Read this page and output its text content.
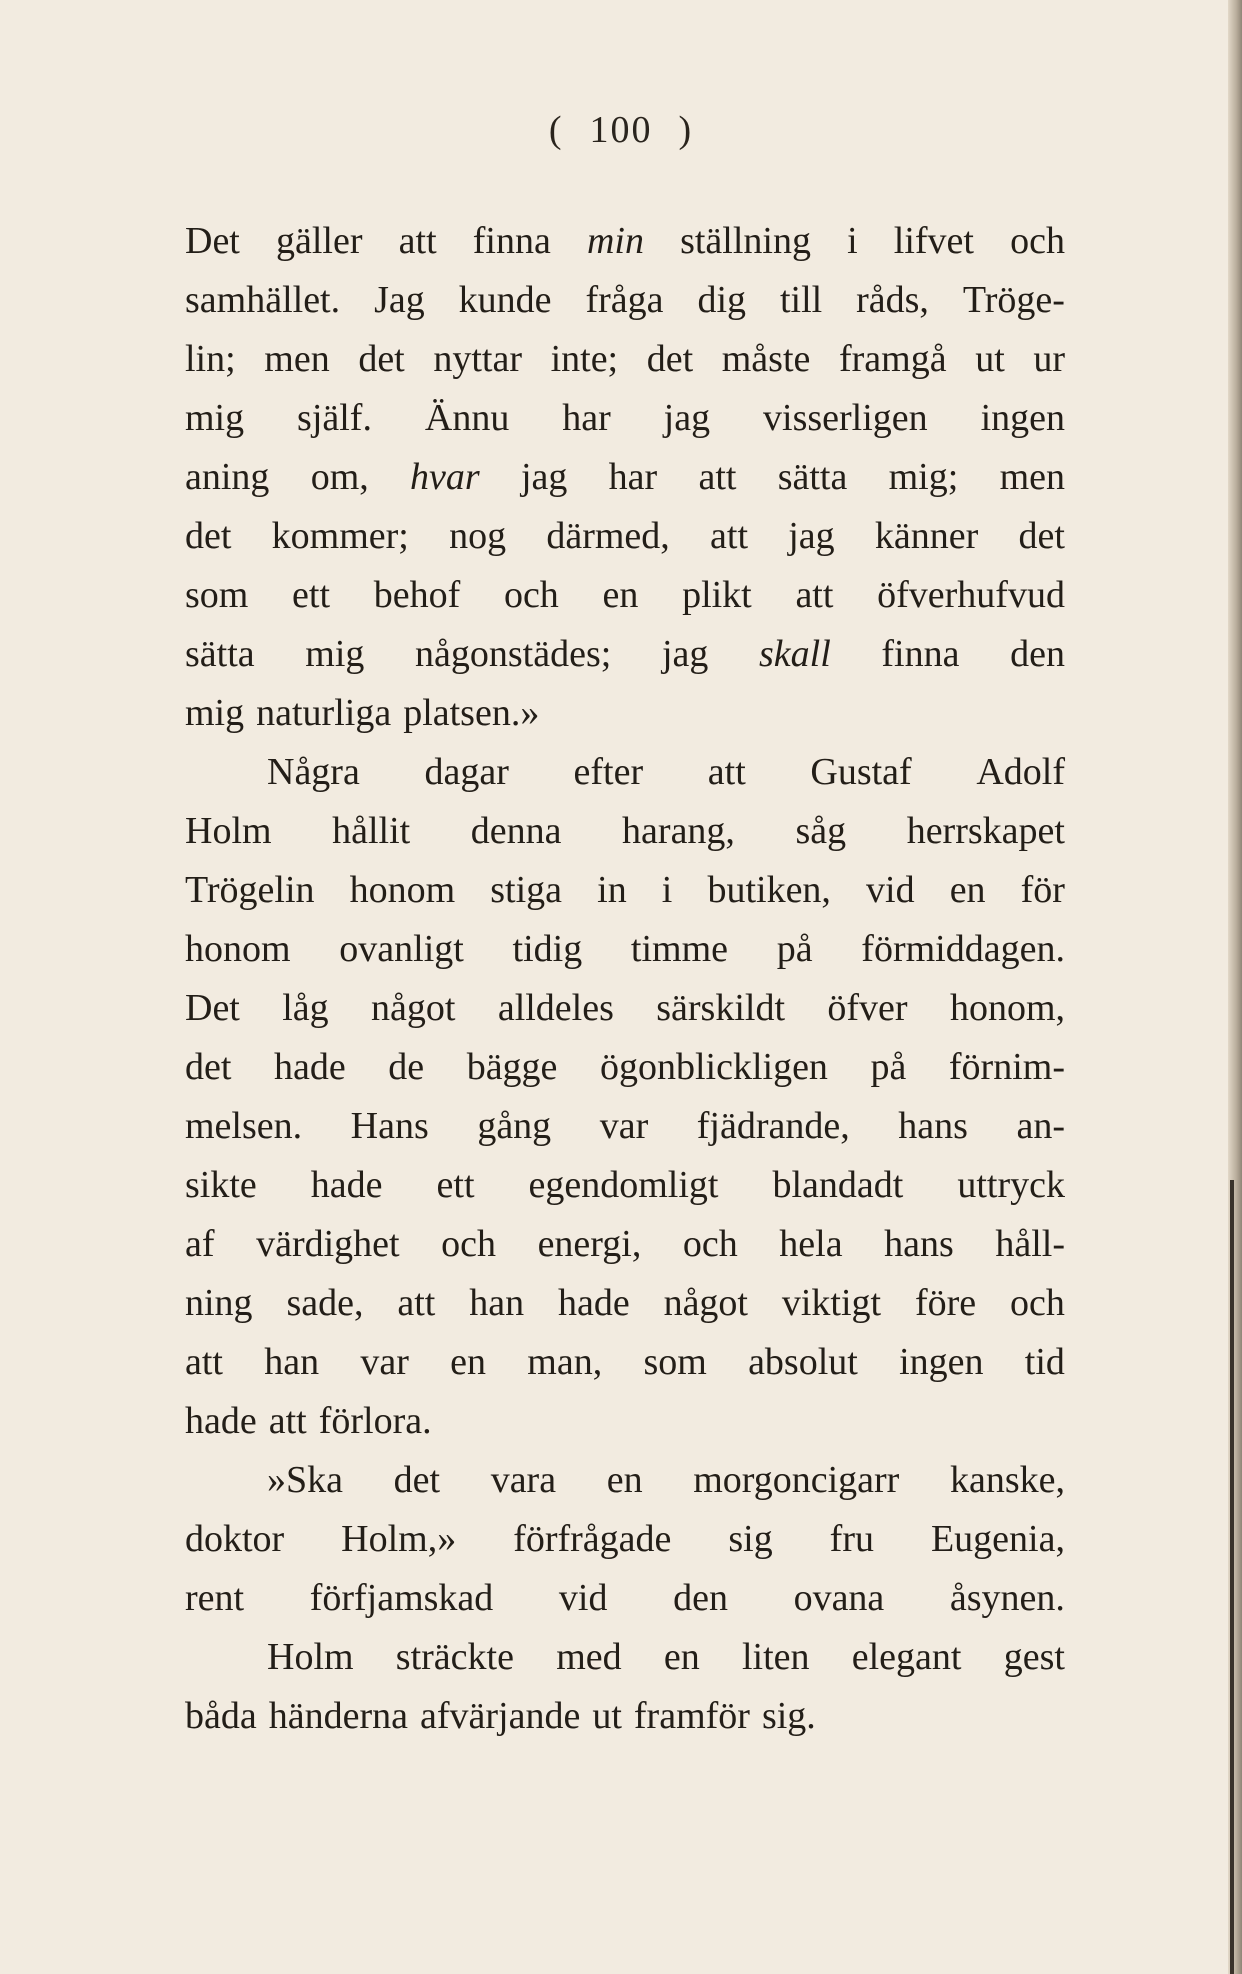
( 100 )
Det gäller att finna min ställning i lifvet och
samhället. Jag kunde fråga dig till råds, Tröge-
lin; men det nyttar inte; det måste framgå ut ur
mig själf. Ännu har jag visserligen ingen
aning om, hvar jag har att sätta mig; men
det kommer; nog därmed, att jag känner det
som ett behof och en plikt att öfverhufvud
sätta mig någonstädes; jag skall finna den
mig naturliga platsen.»
Några dagar efter att Gustaf Adolf
Holm hållit denna harang, såg herrskapet
Trögelin honom stiga in i butiken, vid en för
honom ovanligt tidig timme på förmiddagen.
Det låg något alldeles särskildt öfver honom,
det hade de bägge ögonblickligen på förnim-
melsen. Hans gång var fjädrande, hans an-
sikte hade ett egendomligt blandadt uttryck
af värdighet och energi, och hela hans håll-
ning sade, att han hade något viktigt före och
att han var en man, som absolut ingen tid
hade att förlora.
»Ska det vara en morgoncigarr kanske,
doktor Holm,» förfrågade sig fru Eugenia,
rent förfjamskad vid den ovana åsynen.
Holm sträckte med en liten elegant gest
båda händerna afvärjande ut framför sig.
